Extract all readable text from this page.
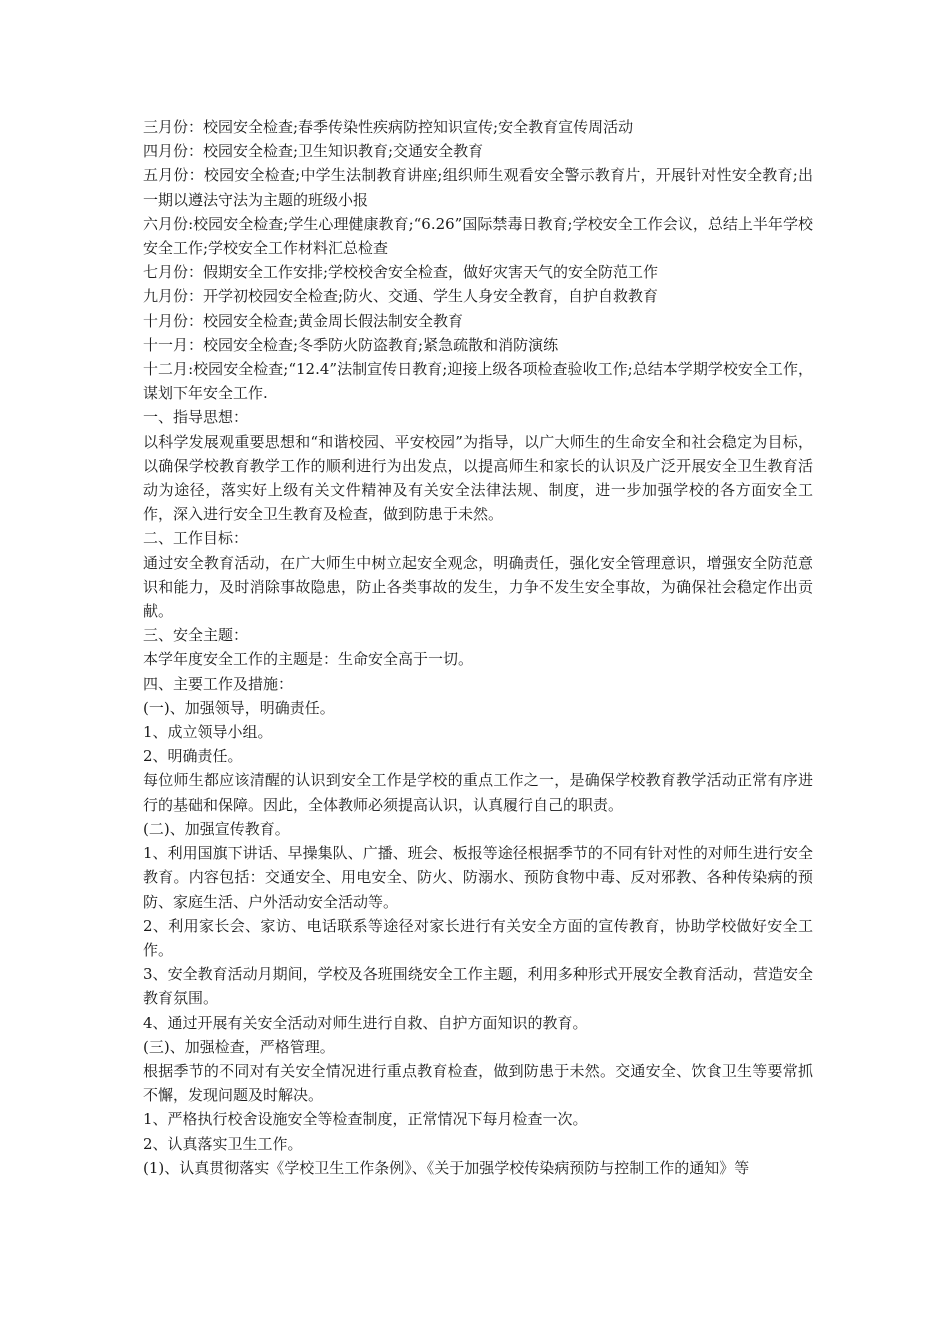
三月份：校园安全检查;春季传染性疾病防控知识宣传;安全教育宣传周活动

四月份：校园安全检查;卫生知识教育;交通安全教育

五月份：校园安全检查;中学生法制教育讲座;组织师生观看安全警示教育片，开展针对性安全教育;出一期以遵法守法为主题的班级小报

六月份:校园安全检查;学生心理健康教育;“6.26”国际禁毒日教育;学校安全工作会议，总结上半年学校安全工作;学校安全工作材料汇总检查

七月份：假期安全工作安排;学校校舍安全检查，做好灾害天气的安全防范工作

九月份：开学初校园安全检查;防火、交通、学生人身安全教育，自护自救教育

十月份：校园安全检查;黄金周长假法制安全教育

十一月：校园安全检查;冬季防火防盗教育;紧急疏散和消防演练

十二月:校园安全检查;“12.4”法制宣传日教育;迎接上级各项检查验收工作;总结本学期学校安全工作，谋划下年安全工作.

一、指导思想：

以科学发展观重要思想和“和谐校园、平安校园”为指导，以广大师生的生命安全和社会稳定为目标，以确保学校教育教学工作的顺利进行为出发点，以提高师生和家长的认识及广泛开展安全卫生教育活动为途径，落实好上级有关文件精神及有关安全法律法规、制度，进一步加强学校的各方面安全工作，深入进行安全卫生教育及检查，做到防患于未然。

二、工作目标：

通过安全教育活动，在广大师生中树立起安全观念，明确责任，强化安全管理意识，增强安全防范意识和能力，及时消除事故隐患，防止各类事故的发生，力争不发生安全事故，为确保社会稳定作出贡献。

三、安全主题：

本学年度安全工作的主题是：生命安全高于一切。

四、主要工作及措施：

(一)、加强领导，明确责任。

1、成立领导小组。

2、明确责任。

每位师生都应该清醒的认识到安全工作是学校的重点工作之一，是确保学校教育教学活动正常有序进行的基础和保障。因此，全体教师必须提高认识，认真履行自己的职责。

(二)、加强宣传教育。

1、利用国旗下讲话、早操集队、广播、班会、板报等途径根据季节的不同有针对性的对师生进行安全教育。内容包括：交通安全、用电安全、防火、防溺水、预防食物中毒、反对邪教、各种传染病的预防、家庭生活、户外活动安全活动等。

2、利用家长会、家访、电话联系等途径对家长进行有关安全方面的宣传教育，协助学校做好安全工作。

3、安全教育活动月期间，学校及各班围绕安全工作主题，利用多种形式开展安全教育活动，营造安全教育氛围。

4、通过开展有关安全活动对师生进行自救、自护方面知识的教育。

(三)、加强检查，严格管理。

根据季节的不同对有关安全情况进行重点教育检查，做到防患于未然。交通安全、饮食卫生等要常抓不懈，发现问题及时解决。

1、严格执行校舍设施安全等检查制度，正常情况下每月检查一次。

2、认真落实卫生工作。

(1)、认真贯彻落实《学校卫生工作条例》、《关于加强学校传染病预防与控制工作的通知》等
